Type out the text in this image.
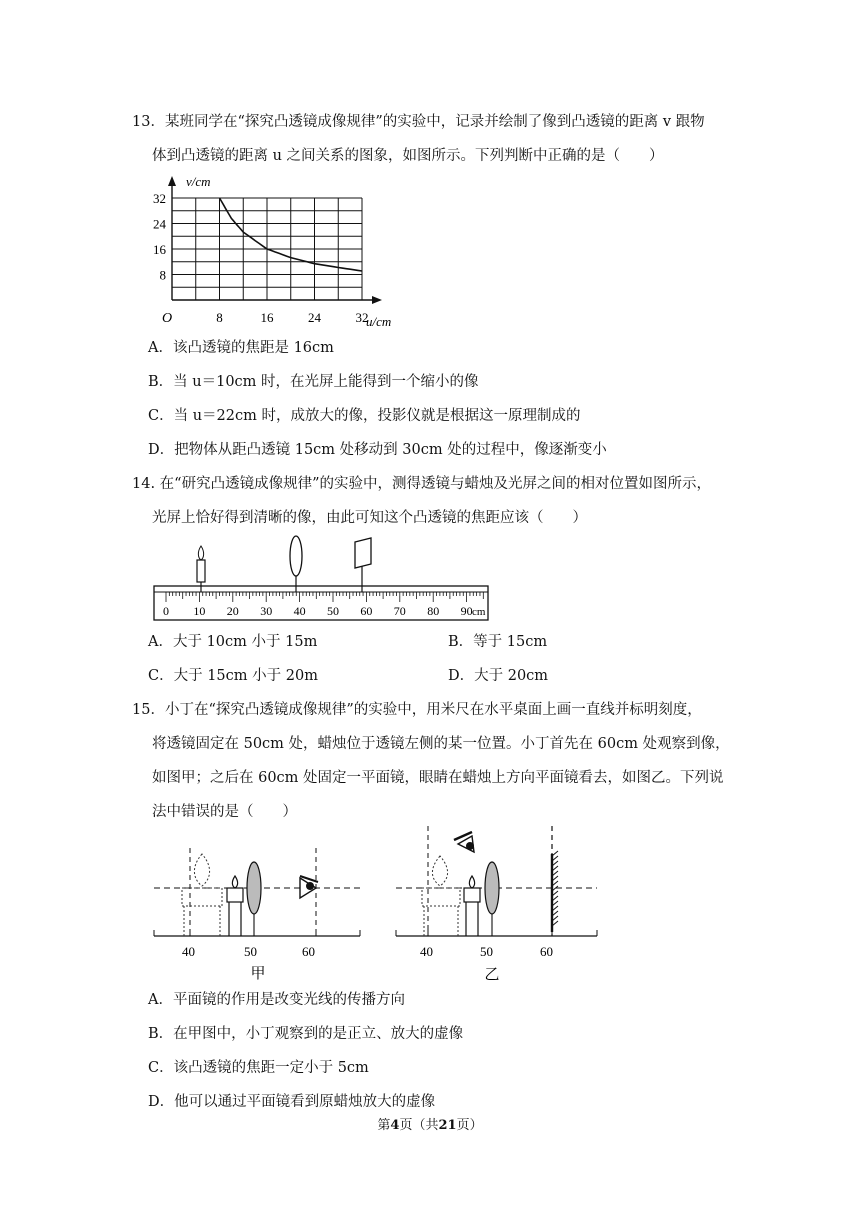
13．某班同学在“探究凸透镜成像规律”的实验中，记录并绘制了像到凸透镜的距离 v 跟物
体到凸透镜的距离 u 之间关系的图象，如图所示。下列判断中正确的是（　　）
v/cm
u/cm
O	8	16	24	32
8
16
24
32
A．该凸透镜的焦距是 16cm
B．当 u＝10cm 时，在光屏上能得到一个缩小的像
C．当 u＝22cm 时，成放大的像，投影仪就是根据这一原理制成的
D．把物体从距凸透镜 15cm 处移动到 30cm 处的过程中，像逐渐变小
14. 在“研究凸透镜成像规律”的实验中，测得透镜与蜡烛及光屏之间的相对位置如图所示，
光屏上恰好得到清晰的像，由此可知这个凸透镜的焦距应该（　　）
0 10 20 30 40 50 60 70 80 90 cm
A．大于 10cm 小于 15m	B．等于 15cm
C．大于 15cm 小于 20m	D．大于 20cm
15．小丁在“探究凸透镜成像规律”的实验中，用米尺在水平桌面上画一直线并标明刻度，
将透镜固定在 50cm 处，蜡烛位于透镜左侧的某一位置。小丁首先在 60cm 处观察到像，
如图甲；之后在 60cm 处固定一平面镜，眼睛在蜡烛上方向平面镜看去，如图乙。下列说
法中错误的是（　　）
40	50	60
甲
40	50	60
乙
A．平面镜的作用是改变光线的传播方向
B．在甲图中，小丁观察到的是正立、放大的虚像
C．该凸透镜的焦距一定小于 5cm
D．他可以通过平面镜看到原蜡烛放大的虚像
第4页（共21页）
